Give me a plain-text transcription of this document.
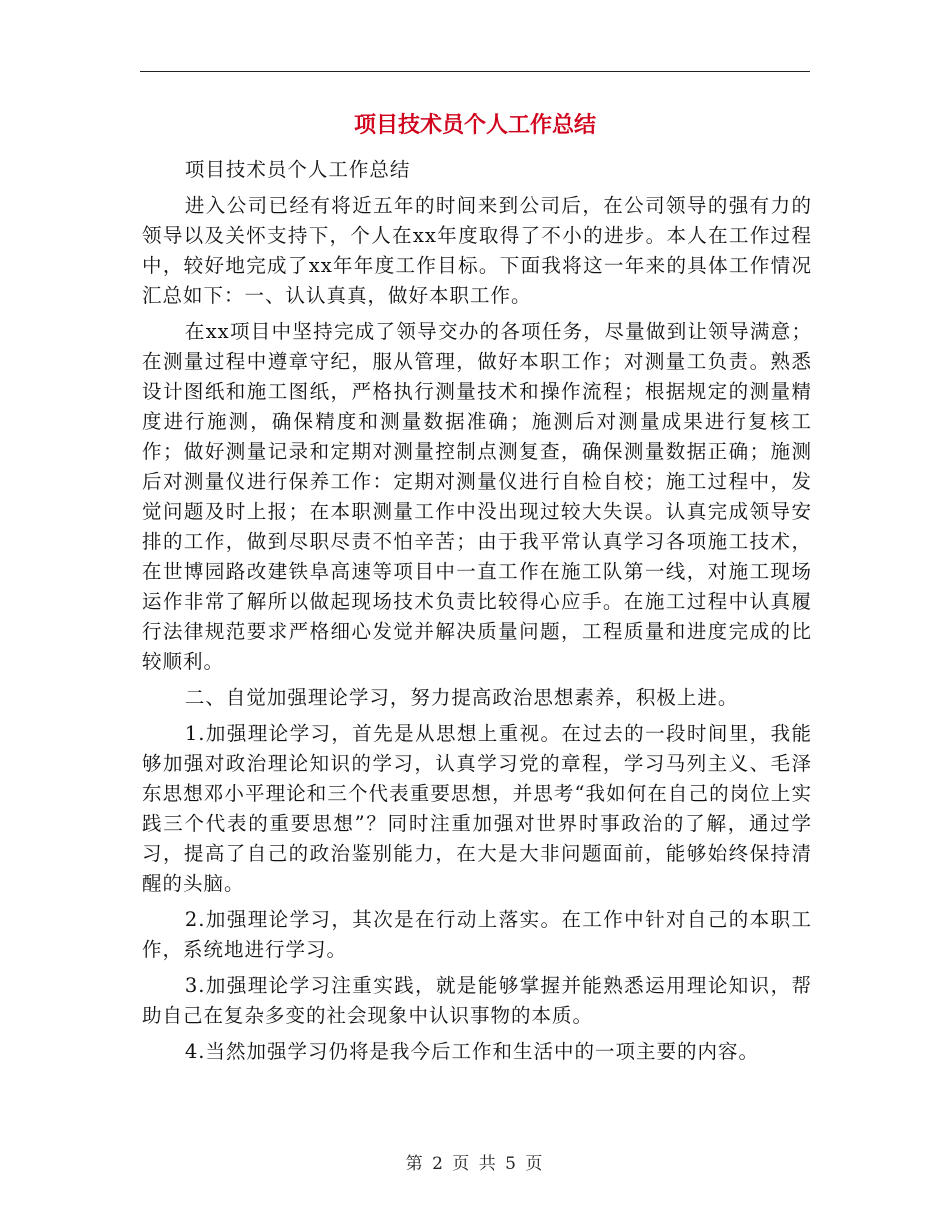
项目技术员个人工作总结

项目技术员个人工作总结

进入公司已经有将近五年的时间来到公司后，在公司领导的强有力的领导以及关怀支持下，个人在xx年度取得了不小的进步。本人在工作过程中，较好地完成了xx年年度工作目标。下面我将这一年来的具体工作情况汇总如下：一、认认真真，做好本职工作。

在xx项目中坚持完成了领导交办的各项任务，尽量做到让领导满意；在测量过程中遵章守纪，服从管理，做好本职工作；对测量工负责。熟悉设计图纸和施工图纸，严格执行测量技术和操作流程；根据规定的测量精度进行施测，确保精度和测量数据准确；施测后对测量成果进行复核工作；做好测量记录和定期对测量控制点测复查，确保测量数据正确；施测后对测量仪进行保养工作：定期对测量仪进行自检自校；施工过程中，发觉问题及时上报；在本职测量工作中没出现过较大失误。认真完成领导安排的工作，做到尽职尽责不怕辛苦；由于我平常认真学习各项施工技术，在世博园路改建铁阜高速等项目中一直工作在施工队第一线，对施工现场运作非常了解所以做起现场技术负责比较得心应手。在施工过程中认真履行法律规范要求严格细心发觉并解决质量问题，工程质量和进度完成的比较顺利。

二、自觉加强理论学习，努力提高政治思想素养，积极上进。

1.加强理论学习，首先是从思想上重视。在过去的一段时间里，我能够加强对政治理论知识的学习，认真学习党的章程，学习马列主义、毛泽东思想邓小平理论和三个代表重要思想，并思考“我如何在自己的岗位上实践三个代表的重要思想”？同时注重加强对世界时事政治的了解，通过学习，提高了自己的政治鉴别能力，在大是大非问题面前，能够始终保持清醒的头脑。

2.加强理论学习，其次是在行动上落实。在工作中针对自己的本职工作，系统地进行学习。

3.加强理论学习注重实践，就是能够掌握并能熟悉运用理论知识，帮助自己在复杂多变的社会现象中认识事物的本质。

4.当然加强学习仍将是我今后工作和生活中的一项主要的内容。

第 2 页 共 5 页
